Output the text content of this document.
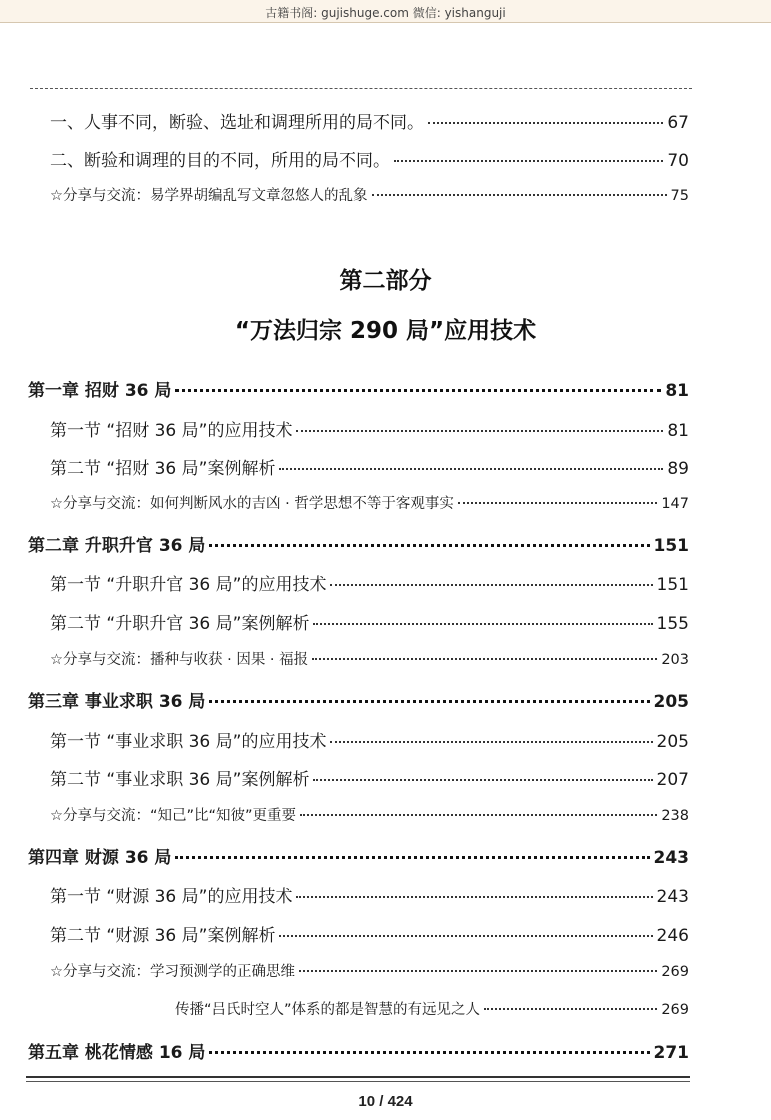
古籍书阁: gujishuge.com 微信: yishanguji
一、人事不同，断验、选址和调理所用的局不同。	67
二、断验和调理的目的不同，所用的局不同。	70
☆分享与交流：易学界胡编乱写文章忽悠人的乱象	75
第二部分
“万法归宗 290 局”应用技术
第一章 招财 36 局	81
第一节 “招财 36 局”的应用技术	81
第二节 “招财 36 局”案例解析	89
☆分享与交流：如何判断风水的吉凶 · 哲学思想不等于客观事实	147
第二章 升职升官 36 局	151
第一节 “升职升官 36 局”的应用技术	151
第二节 “升职升官 36 局”案例解析	155
☆分享与交流：播种与收获 · 因果 · 福报	203
第三章 事业求职 36 局	205
第一节 “事业求职 36 局”的应用技术	205
第二节 “事业求职 36 局”案例解析	207
☆分享与交流：“知己”比“知彼”更重要	238
第四章 财源 36 局	243
第一节 “财源 36 局”的应用技术	243
第二节 “财源 36 局”案例解析	246
☆分享与交流：学习预测学的正确思维	269
传播“吕氏时空人”体系的都是智慧的有远见之人	269
第五章 桃花情感 16 局	271
10 / 424
